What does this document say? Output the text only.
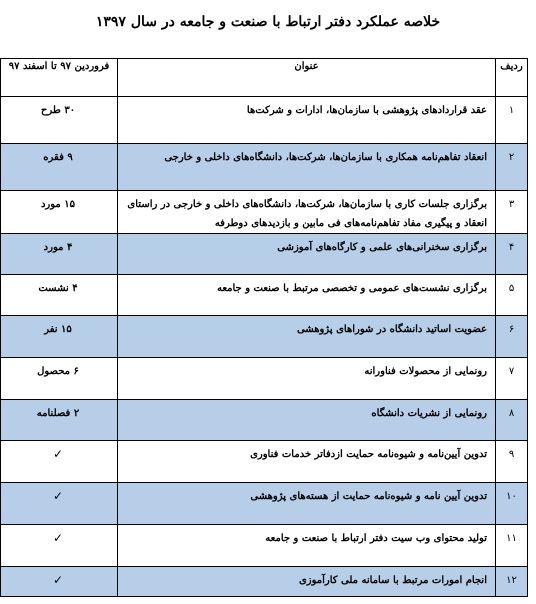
خلاصه عملکرد دفتر ارتباط با صنعت و جامعه در سال ۱۳۹۷
ردیف	عنوان	فروردین ۹۷ تا اسفند ۹۷

۱	عقد قراردادهای پژوهشی با سازمان‌ها، ادارات و شرکت‌ها	۳۰ طرح

۲	انعقاد تفاهم‌نامه همکاری با سازمان‌ها، شرکت‌ها، دانشگاه‌های داخلی و خارجی	۹ فقره

۳	برگزاری جلسات کاری با سازمان‌ها، شرکت‌ها، دانشگاه‌های داخلی و خارجی در راستای انعقاد و پیگیری مفاد تفاهم‌نامه‌های فی مابین و بازدیدهای دوطرفه	۱۵ مورد

۴	برگزاری سخنرانی‌های علمی و کارگاه‌های آموزشی	۴ مورد

۵	برگزاری نشست‌های عمومی و تخصصی مرتبط با صنعت و جامعه	۴ نشست

۶	عضویت اساتید دانشگاه در شوراهای پژوهشی	۱۵ نفر

۷	رونمایی از محصولات فناورانه	۶ محصول

۸	رونمایی از نشریات دانشگاه	۲ فصلنامه

۹	تدوین آیین‌نامه و شیوه‌نامه حمایت ازدفاتر خدمات فناوری	✓

۱۰	تدوین آیین نامه و شیوه‌نامه حمایت از هسته‌های پژوهشی	✓

۱۱	تولید محتوای وب سیت دفتر ارتباط با صنعت و جامعه	✓

۱۲	انجام امورات مرتبط با سامانه ملی کارآموزی	✓
